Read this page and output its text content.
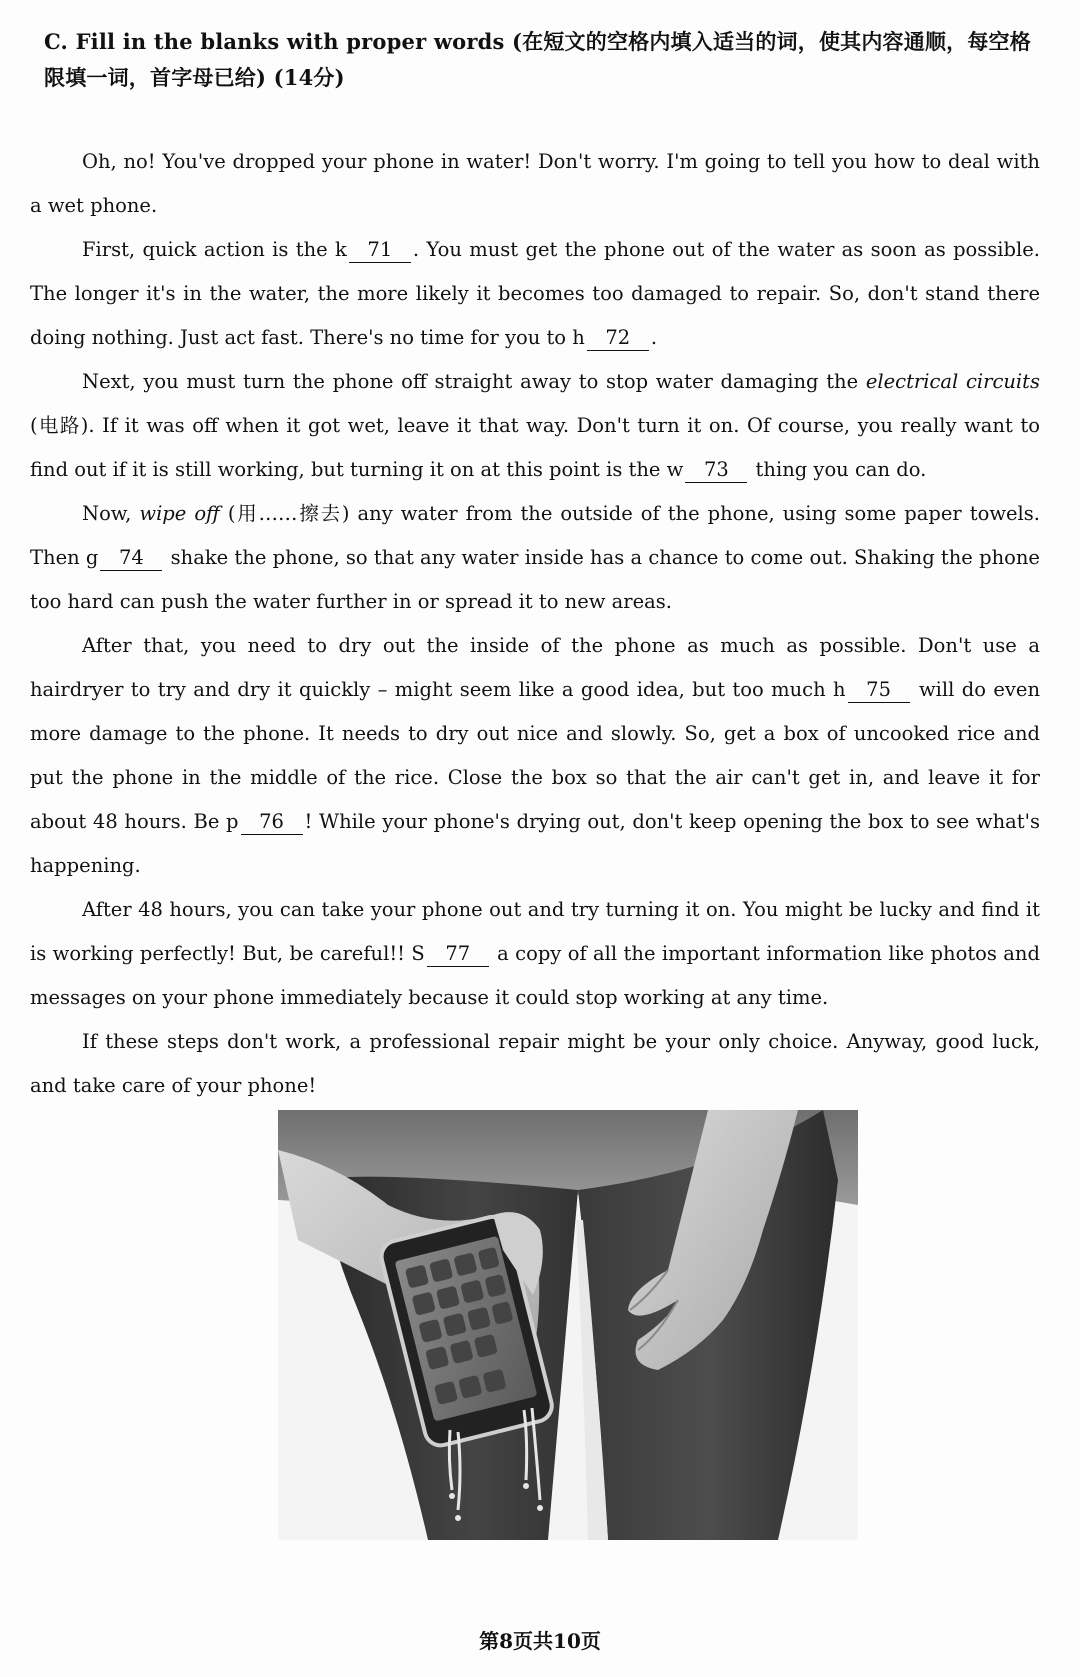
C. Fill in the blanks with proper words (在短文的空格内填入适当的词，使其内容通顺，每空格限填一词，首字母已给) (14分)

Oh, no! You've dropped your phone in water! Don't worry. I'm going to tell you how to deal with a wet phone.

First, quick action is the k 71 . You must get the phone out of the water as soon as possible. The longer it's in the water, the more likely it becomes too damaged to repair. So, don't stand there doing nothing. Just act fast. There's no time for you to h 72 .

Next, you must turn the phone off straight away to stop water damaging the electrical circuits (电路). If it was off when it got wet, leave it that way. Don't turn it on. Of course, you really want to find out if it is still working, but turning it on at this point is the w 73 thing you can do.

Now, wipe off (用……擦去) any water from the outside of the phone, using some paper towels. Then g 74 shake the phone, so that any water inside has a chance to come out. Shaking the phone too hard can push the water further in or spread it to new areas.

After that, you need to dry out the inside of the phone as much as possible. Don't use a hairdryer to try and dry it quickly – might seem like a good idea, but too much h 75 will do even more damage to the phone. It needs to dry out nice and slowly. So, get a box of uncooked rice and put the phone in the middle of the rice. Close the box so that the air can't get in, and leave it for about 48 hours. Be p 76 ! While your phone's drying out, don't keep opening the box to see what's happening.

After 48 hours, you can take your phone out and try turning it on. You might be lucky and find it is working perfectly! But, be careful!! S 77 a copy of all the important information like photos and messages on your phone immediately because it could stop working at any time.

If these steps don't work, a professional repair might be your only choice. Anyway, good luck, and take care of your phone!

第8页共10页
